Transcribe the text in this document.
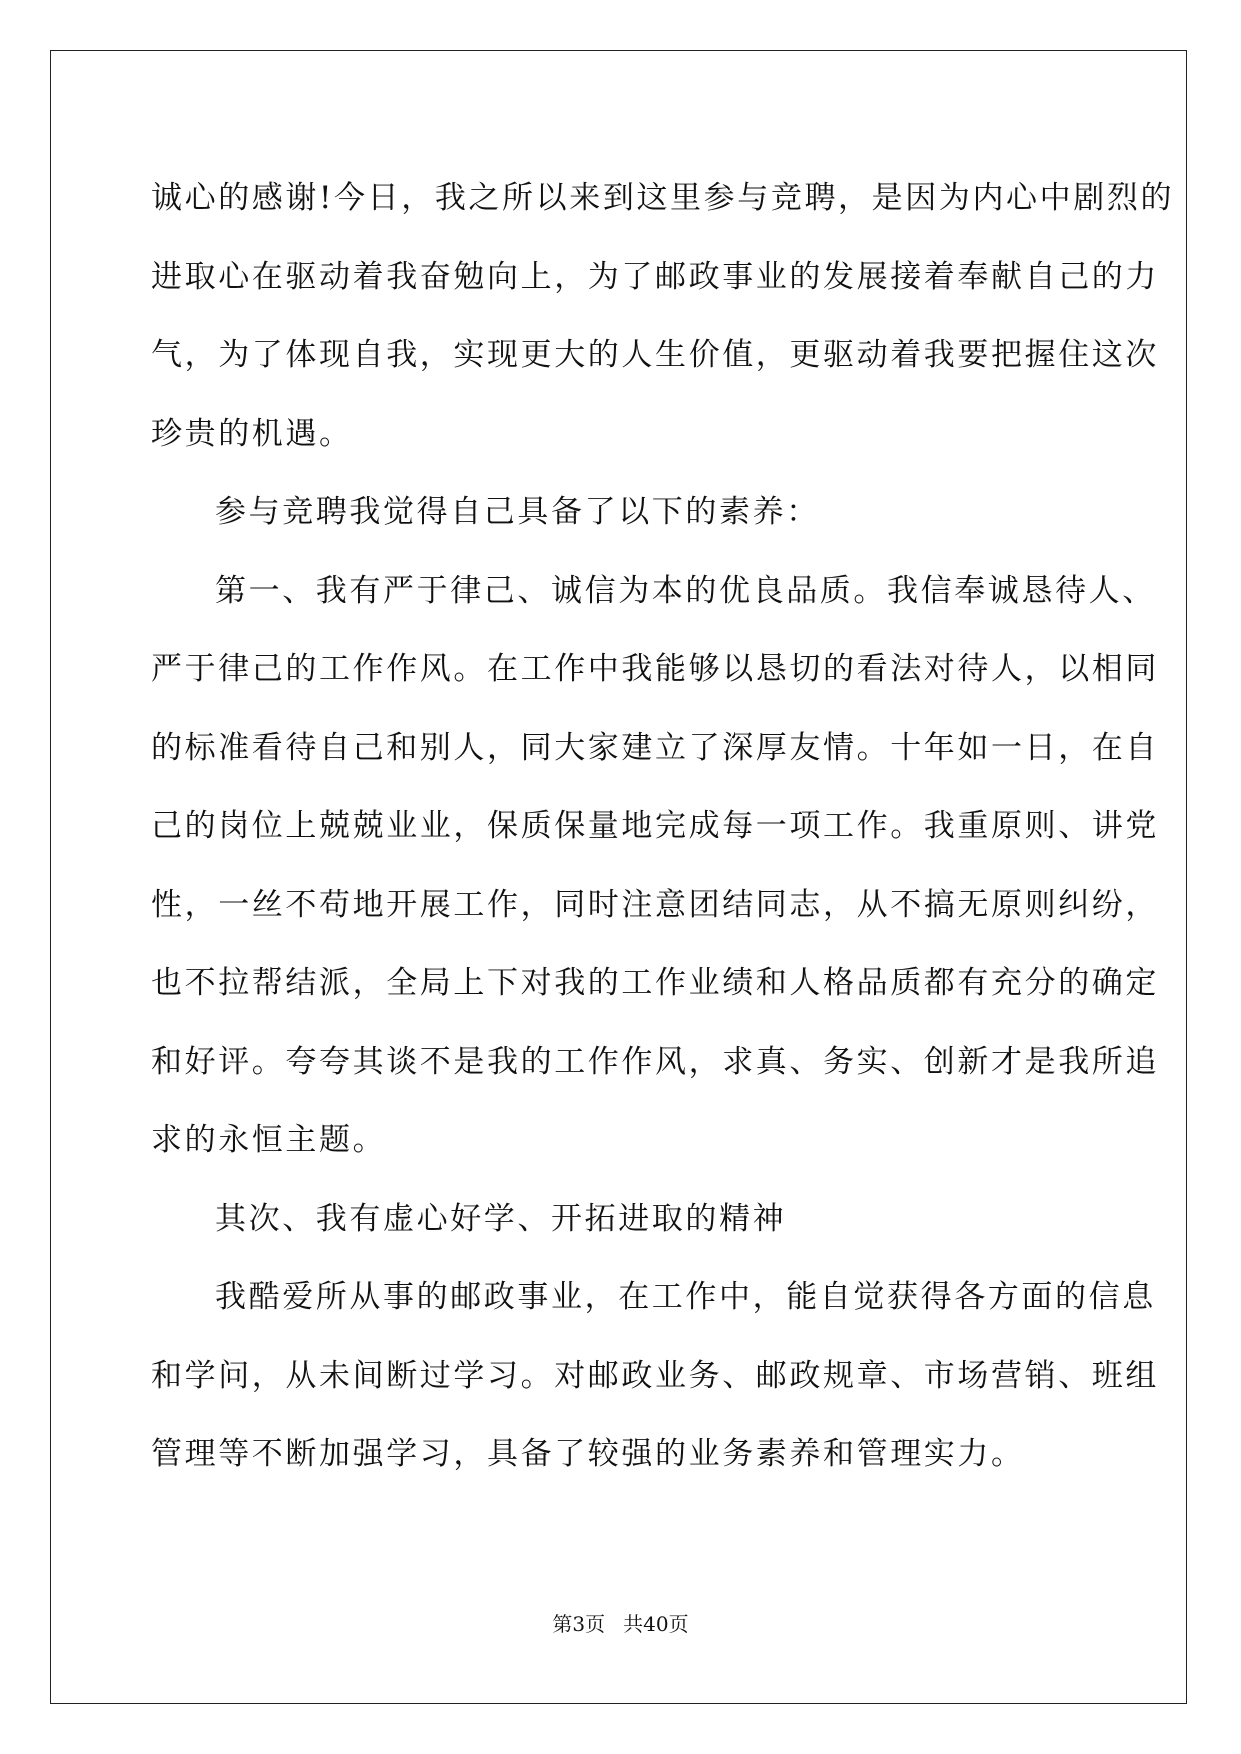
诚心的感谢!今日，我之所以来到这里参与竞聘，是因为内心中剧烈的
进取心在驱动着我奋勉向上，为了邮政事业的发展接着奉献自己的力
气，为了体现自我，实现更大的人生价值，更驱动着我要把握住这次
珍贵的机遇。
参与竞聘我觉得自己具备了以下的素养：
第一、我有严于律己、诚信为本的优良品质。我信奉诚恳待人、
严于律己的工作作风。在工作中我能够以恳切的看法对待人，以相同
的标准看待自己和别人，同大家建立了深厚友情。十年如一日，在自
己的岗位上兢兢业业，保质保量地完成每一项工作。我重原则、讲党
性，一丝不苟地开展工作，同时注意团结同志，从不搞无原则纠纷，
也不拉帮结派，全局上下对我的工作业绩和人格品质都有充分的确定
和好评。夸夸其谈不是我的工作作风，求真、务实、创新才是我所追
求的永恒主题。
其次、我有虚心好学、开拓进取的精神
我酷爱所从事的邮政事业，在工作中，能自觉获得各方面的信息
和学问，从未间断过学习。对邮政业务、邮政规章、市场营销、班组
管理等不断加强学习，具备了较强的业务素养和管理实力。
第3页 共40页
